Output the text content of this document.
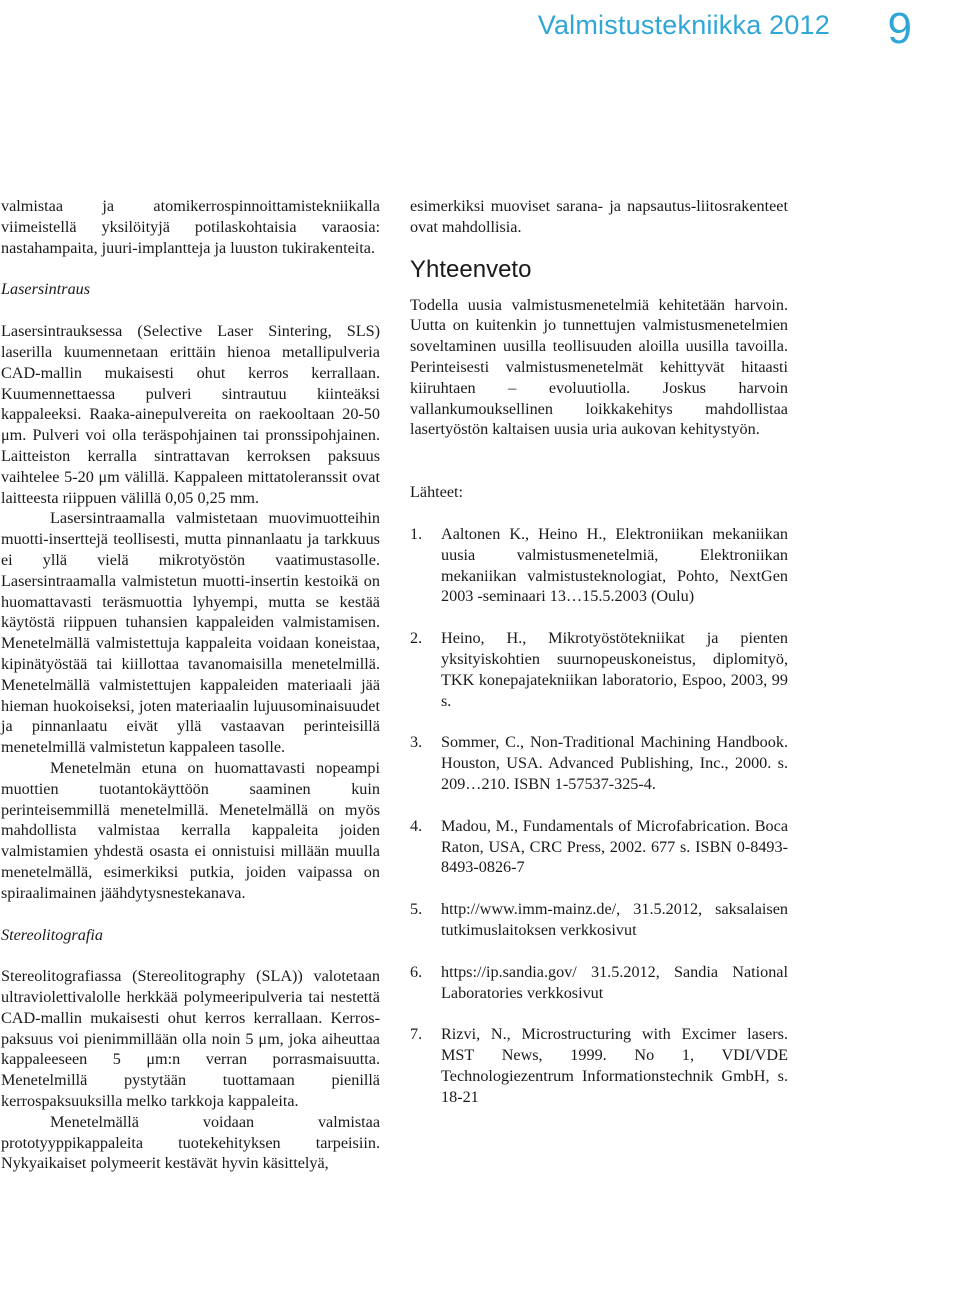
Valmistustekniikka 2012 9

valmistaa ja atomikerrospinnoittamistekniikalla viimeistellä yksilöityjä potilaskohtaisia varaosia: nastahampaita, juuri-implantteja ja luuston tukirakenteita.

Lasersintraus

Lasersintrauksessa (Selective Laser Sintering, SLS) laserilla kuumennetaan erittäin hienoa metallipulveria CAD-mallin mukaisesti ohut kerros kerrallaan. Kuumennettaessa pulveri sintrautuu kiinteäksi kappaleeksi. Raaka-ainepulvereita on raekooltaan 20-50 μm. Pulveri voi olla teräspohjainen tai pronssipohjainen. Laitteiston kerralla sintrattavan kerroksen paksuus vaihtelee 5-20 μm välillä. Kappaleen mittatoleranssit ovat laitteesta riippuen välillä 0,05 0,25 mm.

Lasersintraamalla valmistetaan muovimuotteihin muotti-inserttejä teollisesti, mutta pinnanlaatu ja tarkkuus ei yllä vielä mikrotyöstön vaatimustasolle. Lasersintraamalla valmistetun muotti-insertin kestoikä on huomattavasti teräsmuottia lyhyempi, mutta se kestää käytöstä riippuen tuhansien kappaleiden valmistamisen. Menetelmällä valmistettuja kappaleita voidaan koneistaa, kipinätyöstää tai kiillottaa tavanomaisilla menetelmillä. Menetelmällä valmistettujen kappaleiden materiaali jää hieman huokoiseksi, joten materiaalin lujuusominaisuudet ja pinnanlaatu eivät yllä vastaavan perinteisillä menetelmillä valmistetun kappaleen tasolle.

Menetelmän etuna on huomattavasti nopeampi muottien tuotantokäyttöön saaminen kuin perinteisemmillä menetelmillä. Menetelmällä on myös mahdollista valmistaa kerralla kappaleita joiden valmistamien yhdestä osasta ei onnistuisi millään muulla menetelmällä, esimerkiksi putkia, joiden vaipassa on spiraalimainen jäähdytysnestekanava.

Stereolitografia

Stereolitografiassa (Stereolitography (SLA)) valotetaan ultraviolettivalolle herkkää polymeeripulveria tai nestettä CAD-mallin mukaisesti ohut kerros kerrallaan. Kerros-paksuus voi pienimmillään olla noin 5 μm, joka aiheuttaa kappaleeseen 5 μm:n verran porrasmaisuutta. Menetelmillä pystytään tuottamaan pienillä kerrospaksuuksilla melko tarkkoja kappaleita.

Menetelmällä voidaan valmistaa prototyyppikappaleita tuotekehityksen tarpeisiin. Nykyaikaiset polymeerit kestävät hyvin käsittelyä,

esimerkiksi muoviset sarana- ja napsautus-liitosrakenteet ovat mahdollisia.

Yhteenveto

Todella uusia valmistusmenetelmiä kehitetään harvoin. Uutta on kuitenkin jo tunnettujen valmistusmenetelmien soveltaminen uusilla teollisuuden aloilla uusilla tavoilla. Perinteisesti valmistusmenetelmät kehittyvät hitaasti kiiruhtaen – evoluutiolla. Joskus harvoin vallankumouksellinen loikkakehitys mahdollistaa lasertyöstön kaltaisen uusia uria aukovan kehitystyön.

Lähteet:

1. Aaltonen K., Heino H., Elektroniikan mekaniikan uusia valmistusmenetelmiä, Elektroniikan mekaniikan valmistusteknologiat, Pohto, NextGen 2003 -seminaari 13…15.5.2003 (Oulu)
2. Heino, H., Mikrotyöstötekniikat ja pienten yksityiskohtien suurnopeuskoneistus, diplomityö, TKK konepajatekniikan laboratorio, Espoo, 2003, 99 s.
3. Sommer, C., Non-Traditional Machining Handbook. Houston, USA. Advanced Publishing, Inc., 2000. s. 209…210. ISBN 1-57537-325-4.
4. Madou, M., Fundamentals of Microfabrication. Boca Raton, USA, CRC Press, 2002. 677 s. ISBN 0-8493-8493-0826-7
5. http://www.imm-mainz.de/, 31.5.2012, saksalaisen tutkimuslaitoksen verkkosivut
6. https://ip.sandia.gov/ 31.5.2012, Sandia National Laboratories verkkosivut
7. Rizvi, N., Microstructuring with Excimer lasers. MST News, 1999. No 1, VDI/VDE Technologiezentrum Informationstechnik GmbH, s. 18-21
